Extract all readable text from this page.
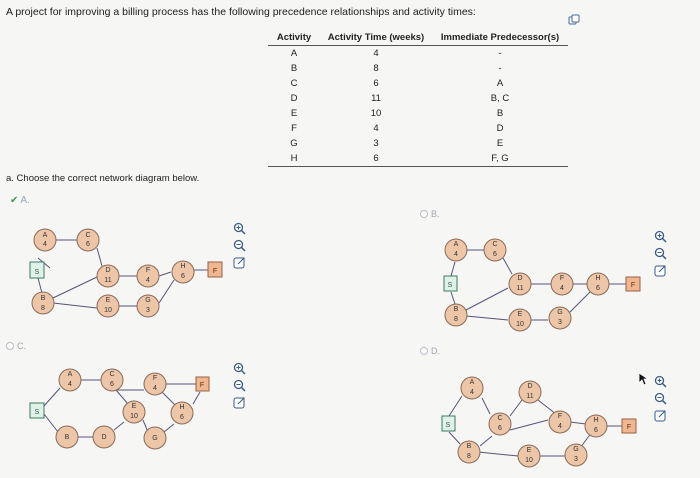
A project for improving a billing process has the following precedence relationships and activity times:
Activity	Activity Time (weeks)	Immediate Predecessor(s)
A	4	-
B	8	-
C	6	A
D	11	B, C
E	10	B
F	4	D
G	3	E
H	6	F, G
a. Choose the correct network diagram below.
✔ A.
B.
C.	D.
S	F
A
4
C
6
D
11
B
8
E
10
F
4
G
3
H
6
S	F
A
4
C
6
D
11
B
8
E
10
F
4
G
3
H
6
S
F
A
4
C
6
B	D
E
10
F
4
G
H
6
S	F
A
4
C
6
D
11
B
8
E
10
F
4
G
3
H
6
